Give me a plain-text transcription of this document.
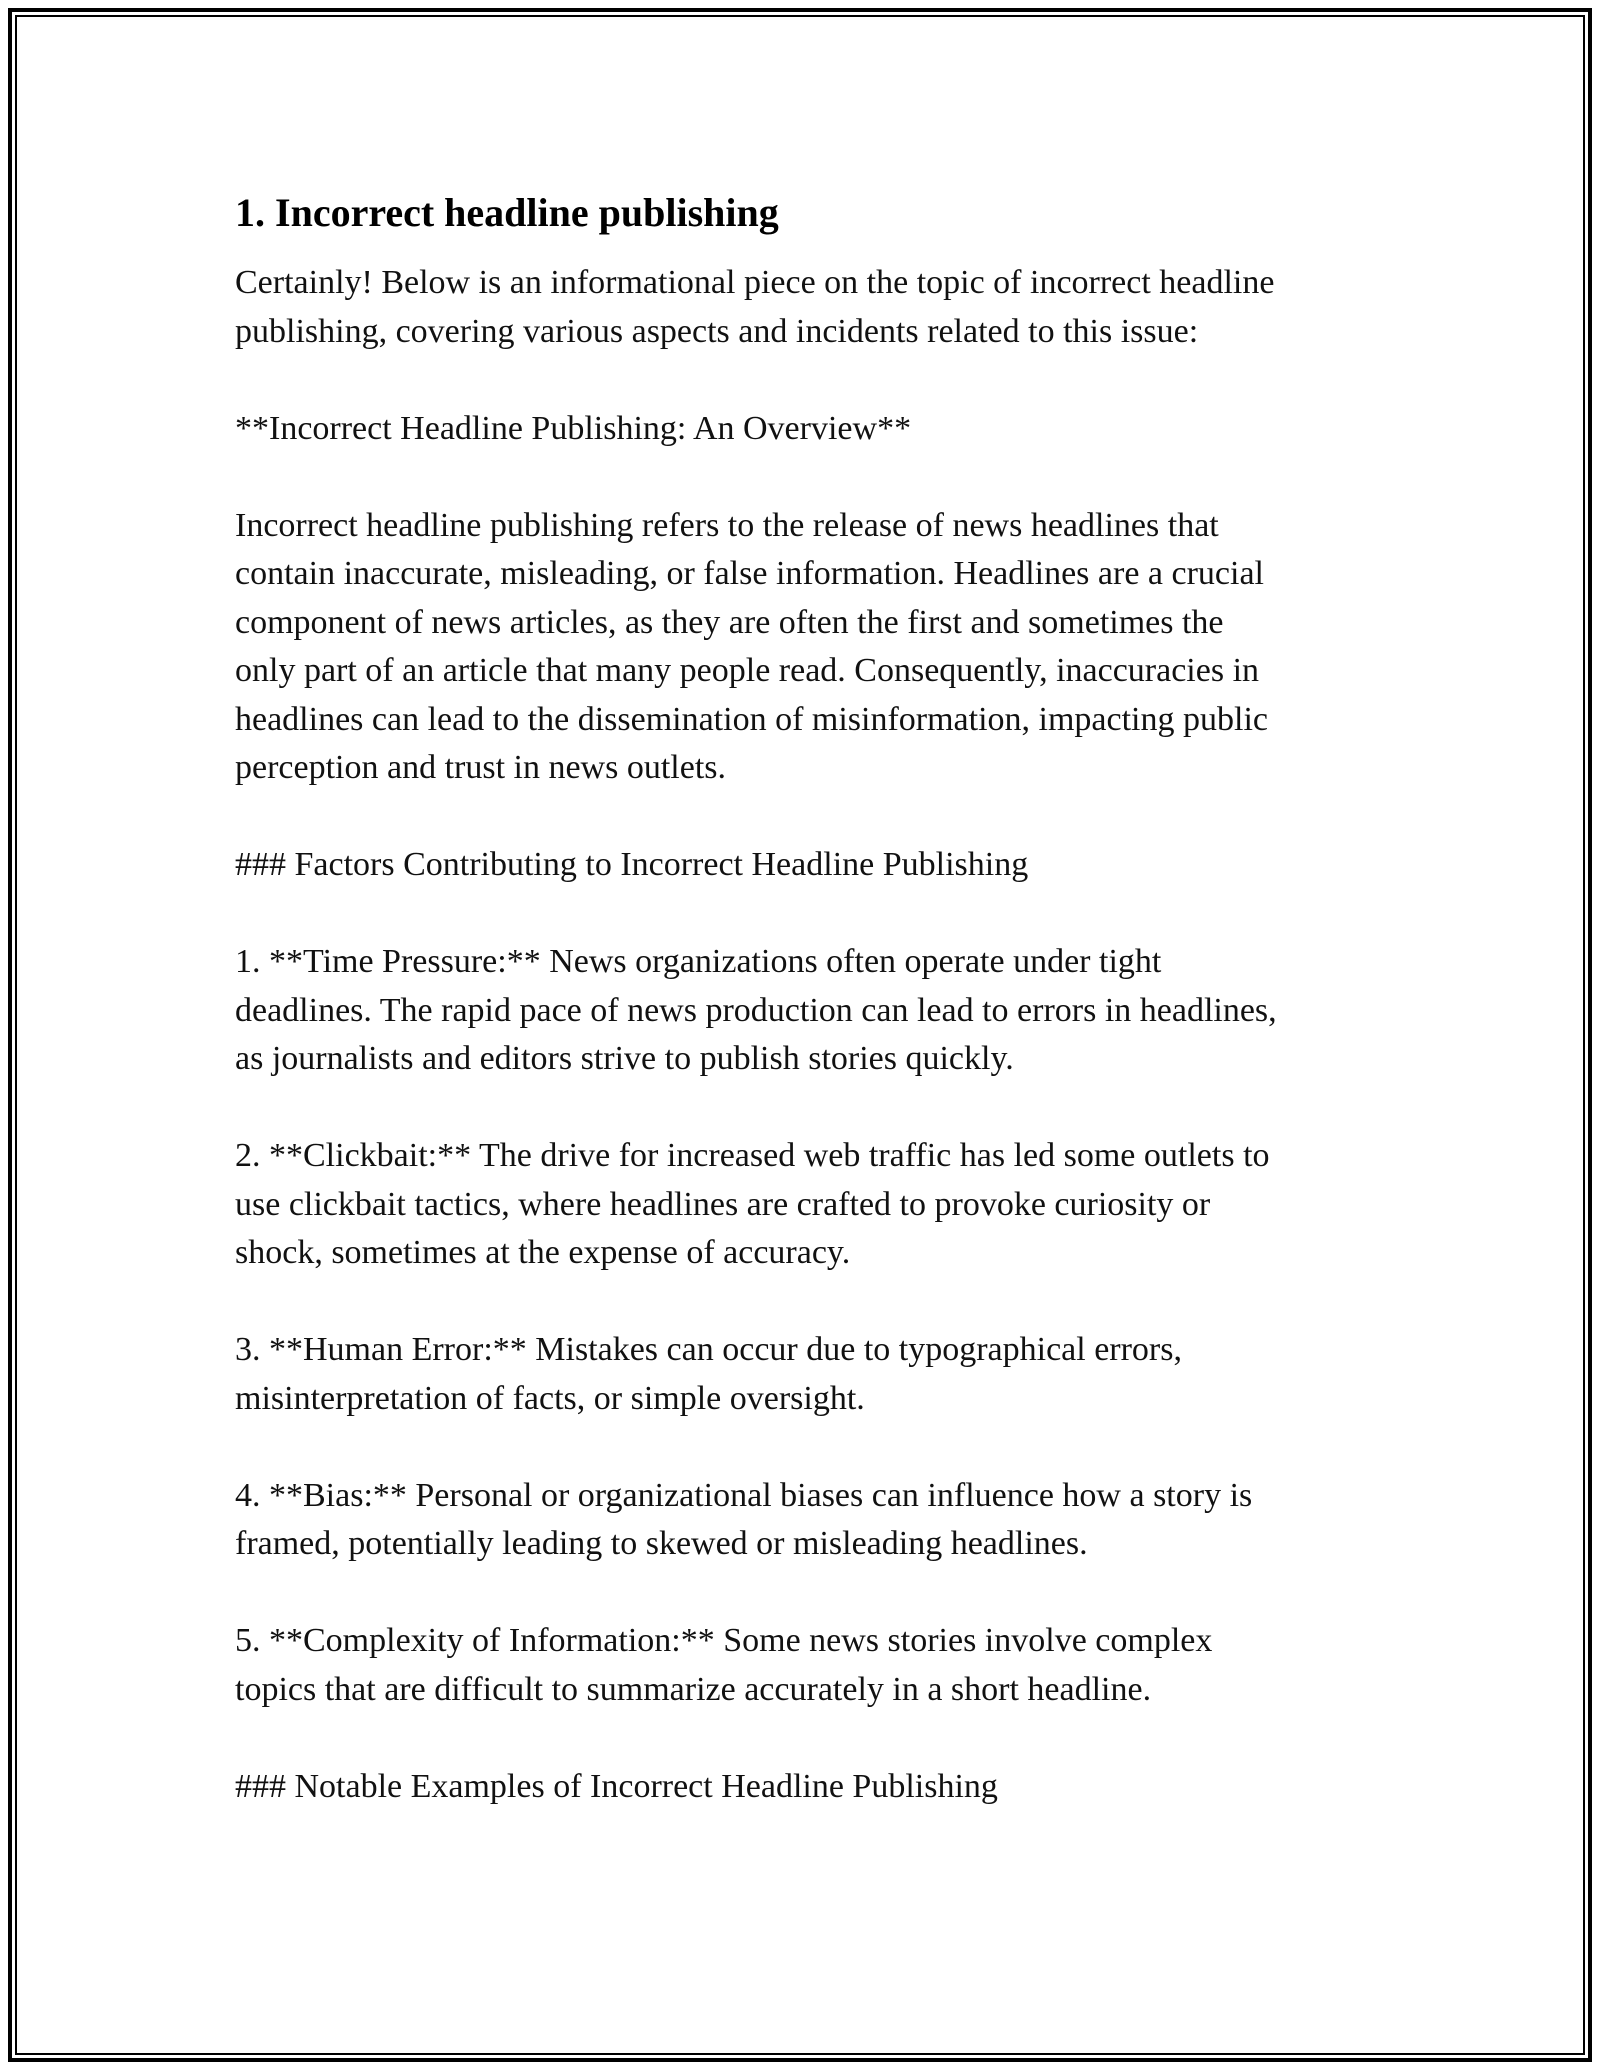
1. Incorrect headline publishing
Certainly! Below is an informational piece on the topic of incorrect headline
publishing, covering various aspects and incidents related to this issue:
**Incorrect Headline Publishing: An Overview**
Incorrect headline publishing refers to the release of news headlines that
contain inaccurate, misleading, or false information. Headlines are a crucial
component of news articles, as they are often the first and sometimes the
only part of an article that many people read. Consequently, inaccuracies in
headlines can lead to the dissemination of misinformation, impacting public
perception and trust in news outlets.
### Factors Contributing to Incorrect Headline Publishing
1. **Time Pressure:** News organizations often operate under tight
deadlines. The rapid pace of news production can lead to errors in headlines,
as journalists and editors strive to publish stories quickly.
2. **Clickbait:** The drive for increased web traffic has led some outlets to
use clickbait tactics, where headlines are crafted to provoke curiosity or
shock, sometimes at the expense of accuracy.
3. **Human Error:** Mistakes can occur due to typographical errors,
misinterpretation of facts, or simple oversight.
4. **Bias:** Personal or organizational biases can influence how a story is
framed, potentially leading to skewed or misleading headlines.
5. **Complexity of Information:** Some news stories involve complex
topics that are difficult to summarize accurately in a short headline.
### Notable Examples of Incorrect Headline Publishing
